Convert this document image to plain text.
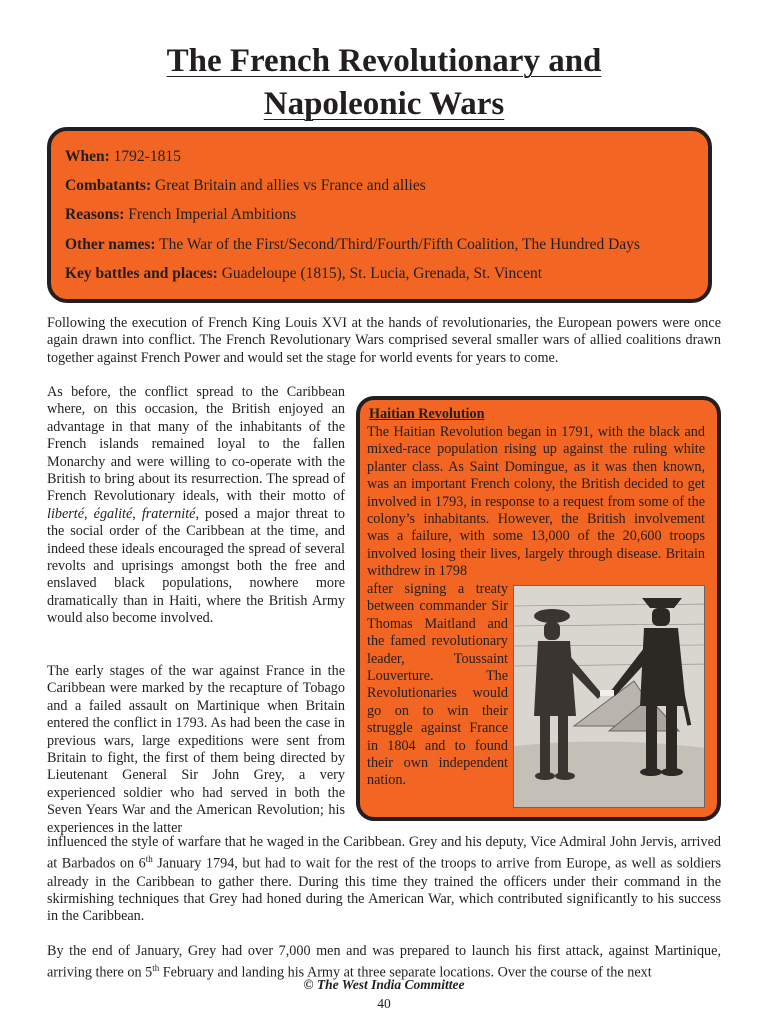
The French Revolutionary and
Napoleonic Wars
When: 1792-1815
Combatants: Great Britain and allies vs France and allies
Reasons: French Imperial Ambitions
Other names: The War of the First/Second/Third/Fourth/Fifth Coalition, The Hundred Days
Key battles and places: Guadeloupe (1815), St. Lucia, Grenada, St. Vincent

Following the execution of French King Louis XVI at the hands of revolutionaries, the European powers were once again drawn into conflict. The French Revolutionary Wars comprised several smaller wars of allied coalitions drawn together against French Power and would set the stage for world events for years to come.

As before, the conflict spread to the Caribbean where, on this occasion, the British enjoyed an advantage in that many of the inhabitants of the French islands remained loyal to the fallen Monarchy and were willing to co-operate with the British to bring about its resurrection. The spread of French Revolutionary ideals, with their motto of liberté, égalité, fraternité, posed a major threat to the social order of the Caribbean at the time, and indeed these ideals encouraged the spread of several revolts and uprisings amongst both the free and enslaved black populations, nowhere more dramatically than in Haiti, where the British Army would also become involved.

The early stages of the war against France in the Caribbean were marked by the recapture of Tobago and a failed assault on Martinique when Britain entered the conflict in 1793. As had been the case in previous wars, large expeditions were sent from Britain to fight, the first of them being directed by Lieutenant General Sir John Grey, a very experienced soldier who had served in both the Seven Years War and the American Revolution; his experiences in the latter

Haitian Revolution
The Haitian Revolution began in 1791, with the black and mixed-race population rising up against the ruling white planter class. As Saint Domingue, as it was then known, was an important French colony, the British decided to get involved in 1793, in response to a request from some of the colony’s inhabitants. However, the British involvement was a failure, with some 13,000 of the 20,600 troops involved losing their lives, largely through disease. Britain withdrew in 1798
after signing a treaty between commander Sir Thomas Maitland and the famed revolutionary leader, Toussaint Louverture. The Revolutionaries would go on to win their struggle against France in 1804 and to found their own independent nation.

influenced the style of warfare that he waged in the Caribbean. Grey and his deputy, Vice Admiral John Jervis, arrived at Barbados on 6th January 1794, but had to wait for the rest of the troops to arrive from Europe, as well as soldiers already in the Caribbean to gather there. During this time they trained the officers under their command in the skirmishing techniques that Grey had honed during the American War, which contributed significantly to his success in the Caribbean.

By the end of January, Grey had over 7,000 men and was prepared to launch his first attack, against Martinique, arriving there on 5th February and landing his Army at three separate locations. Over the course of the next

© The West India Committee
40
